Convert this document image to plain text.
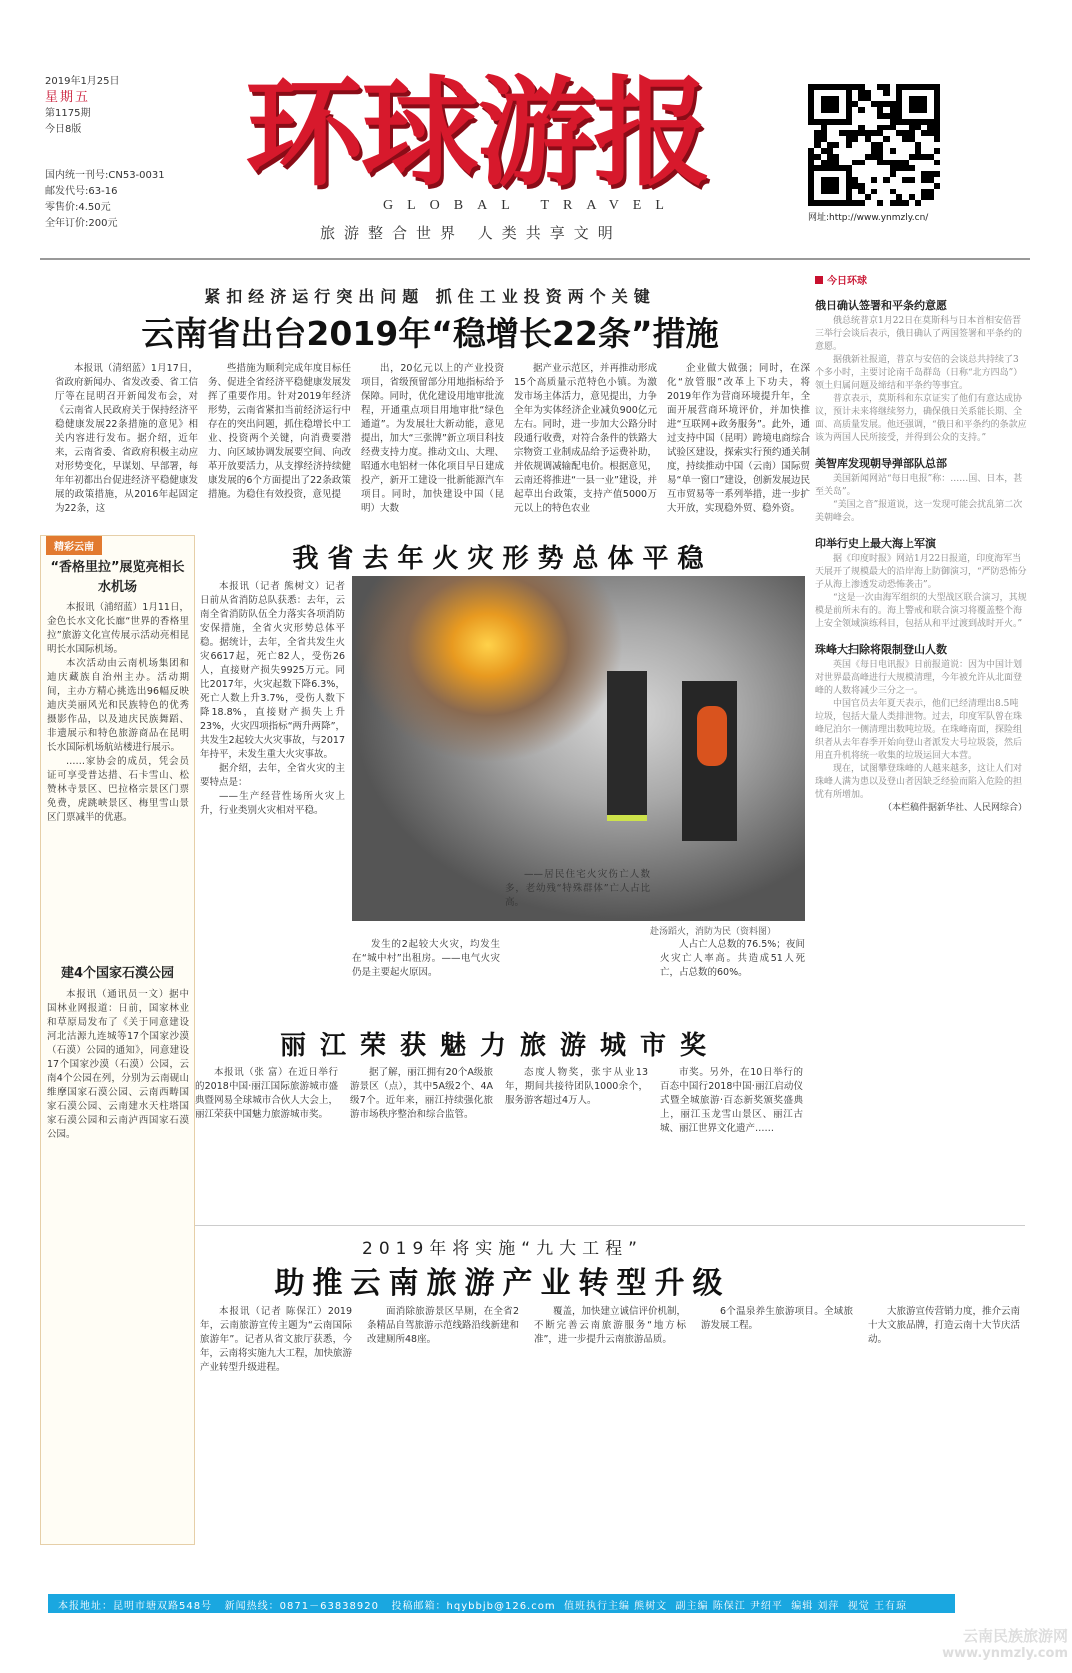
2019年1月25日
星期五
第1175期
今日8版
国内统一刊号:CN53-0031
邮发代号:63-16
零售价:4.50元
全年订价:200元
环球游报
GLOBAL TRAVEL
旅游整合世界 人类共享文明
网址:http://www.ynmzly.cn/
紧扣经济运行突出问题 抓住工业投资两个关键
云南省出台2019年“稳增长22条”措施

本报讯（清绍蓝）1月17日，省政府新闻办、省发改委、省工信厅等在昆明召开新闻发布会，对《云南省人民政府关于保持经济平稳健康发展22条措施的意见》相关内容进行发布。据介绍，近年来，云南省委、省政府积极主动应对形势变化，早谋划、早部署，每年年初都出台促进经济平稳健康发展的政策措施，从2016年起固定为22条，这

些措施为顺利完成年度目标任务、促进全省经济平稳健康发展发挥了重要作用。针对2019年经济形势，云南省紧扣当前经济运行中存在的突出问题，抓住稳增长中工业、投资两个关键，向消费要潜力、向区域协调发展要空间、向改革开放要活力，从支撑经济持续健康发展的6个方面提出了22条政策措施。为稳住有效投资，意见提

出，20亿元以上的产业投资项目，省级预留部分用地指标给予保障。同时，优化建设用地审批流程，开通重点项目用地审批“绿色通道”。为发展壮大新动能，意见提出，加大“三张牌”新立项目科技经费支持力度。推动文山、大理、昭通水电铝材一体化项目早日建成投产，新开工建设一批新能源汽车项目。同时，加快建设中国（昆明）大数

据产业示范区，并再推动形成15个高质量示范特色小镇。为激发市场主体活力，意见提出，力争全年为实体经济企业减负900亿元左右。同时，进一步加大公路分时段通行收费，对符合条件的铁路大宗物资工业制成品给予运费补助，并依规调减输配电价。根据意见，云南还将推进“一县一业”建设，并起草出台政策，支持产值5000万元以上的特色农业

企业做大做强；同时，在深化“放管服”改革上下功夫，将2019年作为营商环境提升年，全面开展营商环境评价，并加快推进“互联网+政务服务”。此外，通过支持中国（昆明）跨境电商综合试验区建设，探索实行预约通关制度，持续推动中国（云南）国际贸易“单一窗口”建设，创新发展边民互市贸易等一系列举措，进一步扩大开放，实现稳外贸、稳外资。

精彩云南
“香格里拉”展览亮相长水机场

本报讯（浦绍蓝）1月11日，金色长水文化长廊“世界的香格里拉”旅游文化宣传展示活动亮相昆明长水国际机场。

本次活动由云南机场集团和迪庆藏族自治州主办。活动期间，主办方精心挑选出96幅反映迪庆美丽风光和民族特色的优秀摄影作品，以及迪庆民族舞蹈、非遗展示和特色旅游商品在昆明长水国际机场航站楼进行展示。

……家协会的成员，凭会员证可享受普达措、石卡雪山、松赞林寺景区、巴拉格宗景区门票免费，虎跳峡景区、梅里雪山景区门票减半的优惠。

建4个国家石漠公园

本报讯（通讯员一文）据中国林业网报道：日前，国家林业和草原局发布了《关于同意建设河北沽源九连城等17个国家沙漠（石漠）公园的通知》，同意建设17个国家沙漠（石漠）公园，云南4个公园在列，分别为云南砚山维摩国家石漠公园、云南西畴国家石漠公园、云南建水天柱塔国家石漠公园和云南泸西国家石漠公园。

我省去年火灾形势总体平稳

本报讯（记者 熊树文）记者日前从省消防总队获悉：去年，云南全省消防队伍全力落实各项消防安保措施，全省火灾形势总体平稳。据统计，去年，全省共发生火灾6617起，死亡82人，受伤26人，直接财产损失9925万元。同比2017年，火灾起数下降6.3%，死亡人数上升3.7%，受伤人数下降18.8%，直接财产损失上升23%，火灾四项指标“两升两降”，共发生2起较大火灾事故，与2017年持平，未发生重大火灾事故。

据介绍，去年，全省火灾的主要特点是：

——生产经营性场所火灾上升，行业类别火灾相对平稳。

赴汤蹈火，消防为民（资料图）

发生的2起较大火灾，均发生在“城中村”出租房。——电气火灾仍是主要起火原因。

——居民住宅火灾伤亡人数多，老幼残“特殊群体”亡人占比高。

人占亡人总数的76.5%；夜间火灾亡人率高。共造成51人死亡，占总数的60%。

今日环球
俄日确认签署和平条约意愿
俄总统普京1月22日在莫斯科与日本首相安倍晋三举行会谈后表示，俄日确认了两国签署和平条约的意愿。
据俄新社报道，普京与安倍的会谈总共持续了3个多小时，主要讨论南千岛群岛（日称“北方四岛”）领土归属问题及缔结和平条约等事宜。
普京表示，莫斯科和东京证实了他们有意达成协议，预计未来将继续努力，确保俄日关系能长期、全面、高质量发展。他还强调，“俄日和平条约的条款应该为两国人民所接受，并得到公众的支持。”
美智库发现朝导弹部队总部
美国新闻网站“每日电报”称：……国、日本，甚至关岛”。
“美国之音”报道说，这一发现可能会扰乱第二次美朝峰会。
印举行史上最大海上军演
据《印度时报》网站1月22日报道，印度海军当天展开了规模最大的沿岸海上防御演习，“严防恐怖分子从海上渗透发动恐怖袭击”。
“这是一次由海军组织的大型战区联合演习，其规模是前所未有的。海上警戒和联合演习将覆盖整个海上安全领域演练科目，包括从和平过渡到战时开火。”
珠峰大扫除将限制登山人数
英国《每日电讯报》日前报道说：因为中国计划对世界最高峰进行大规模清理，今年被允许从北面登峰的人数将减少三分之一。
中国官员去年夏天表示，他们已经清理出8.5吨垃圾，包括大量人类排泄物。过去，印度军队曾在珠峰尼泊尔一侧清理出数吨垃圾。在珠峰南面，探险组织者从去年春季开始向登山者派发大号垃圾袋，然后用直升机将统一收集的垃圾运回大本营。
现在，试图攀登珠峰的人越来越多，这让人们对珠峰人满为患以及登山者因缺乏经验而陷入危险的担忧有所增加。
（本栏稿件据新华社、人民网综合）
丽江荣获魅力旅游城市奖

本报讯（张 富）在近日举行的2018中国·丽江国际旅游城市盛典暨网易全球城市合伙人大会上，丽江荣获中国魅力旅游城市奖。

据了解，丽江拥有20个A级旅游景区（点），其中5A级2个、4A级7个。近年来，丽江持续强化旅游市场秩序整治和综合监管。

态度人物奖，张宇从业13年，期间共接待团队1000余个，服务游客超过4万人。

市奖。另外，在10日举行的百态中国行2018中国·丽江启动仪式暨全城旅游·百态新奖颁奖盛典上，丽江玉龙雪山景区、丽江古城、丽江世界文化遗产……

2019年将实施“九大工程”
助推云南旅游产业转型升级

本报讯（记者 陈保江）2019年，云南旅游宣传主题为“云南国际旅游年”。记者从省文旅厅获悉，今年，云南将实施九大工程，加快旅游产业转型升级进程。

面消除旅游景区旱厕，在全省2条精品自驾旅游示范线路沿线新建和改建厕所48座。

覆盖，加快建立诚信评价机制，不断完善云南旅游服务“地方标准”，进一步提升云南旅游品质。

6个温泉养生旅游项目。全域旅游发展工程。

大旅游宣传营销力度，推介云南十大文旅品牌，打造云南十大节庆活动。

本报地址：昆明市塘双路548号 新闻热线：0871－63838920 投稿邮箱：hqybbjb@126.com 值班执行主编 熊树文 副主编 陈保江 尹绍平 编辑 刘萍 视觉 王有琼
云南民族旅游网
www.ynmzly.com
